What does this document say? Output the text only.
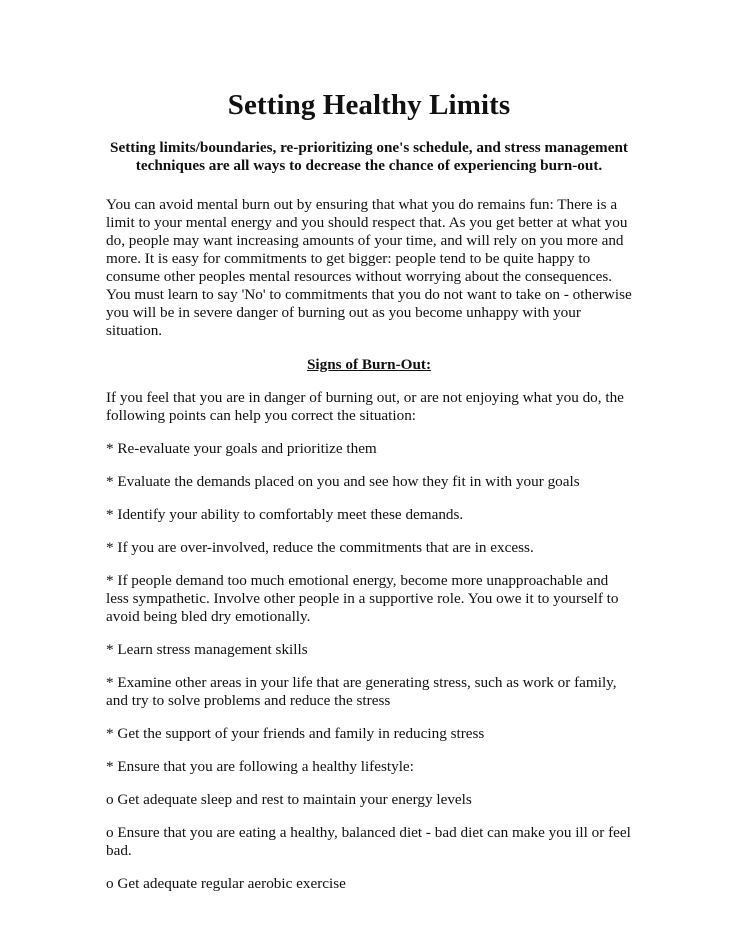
Setting Healthy Limits

Setting limits/boundaries, re-prioritizing one's schedule, and stress management
techniques are all ways to decrease the chance of experiencing burn-out.

You can avoid mental burn out by ensuring that what you do remains fun: There is a limit to your mental energy and you should respect that. As you get better at what you do, people may want increasing amounts of your time, and will rely on you more and more. It is easy for commitments to get bigger: people tend to be quite happy to consume other peoples mental resources without worrying about the consequences. You must learn to say 'No' to commitments that you do not want to take on - otherwise you will be in severe danger of burning out as you become unhappy with your situation.

Signs of Burn-Out:

If you feel that you are in danger of burning out, or are not enjoying what you do, the following points can help you correct the situation:

* Re-evaluate your goals and prioritize them
* Evaluate the demands placed on you and see how they fit in with your goals
* Identify your ability to comfortably meet these demands.
* If you are over-involved, reduce the commitments that are in excess.
* If people demand too much emotional energy, become more unapproachable and less sympathetic. Involve other people in a supportive role. You owe it to yourself to avoid being bled dry emotionally.
* Learn stress management skills
* Examine other areas in your life that are generating stress, such as work or family, and try to solve problems and reduce the stress
* Get the support of your friends and family in reducing stress
* Ensure that you are following a healthy lifestyle:
o Get adequate sleep and rest to maintain your energy levels
o Ensure that you are eating a healthy, balanced diet - bad diet can make you ill or feel bad.
o Get adequate regular aerobic exercise
